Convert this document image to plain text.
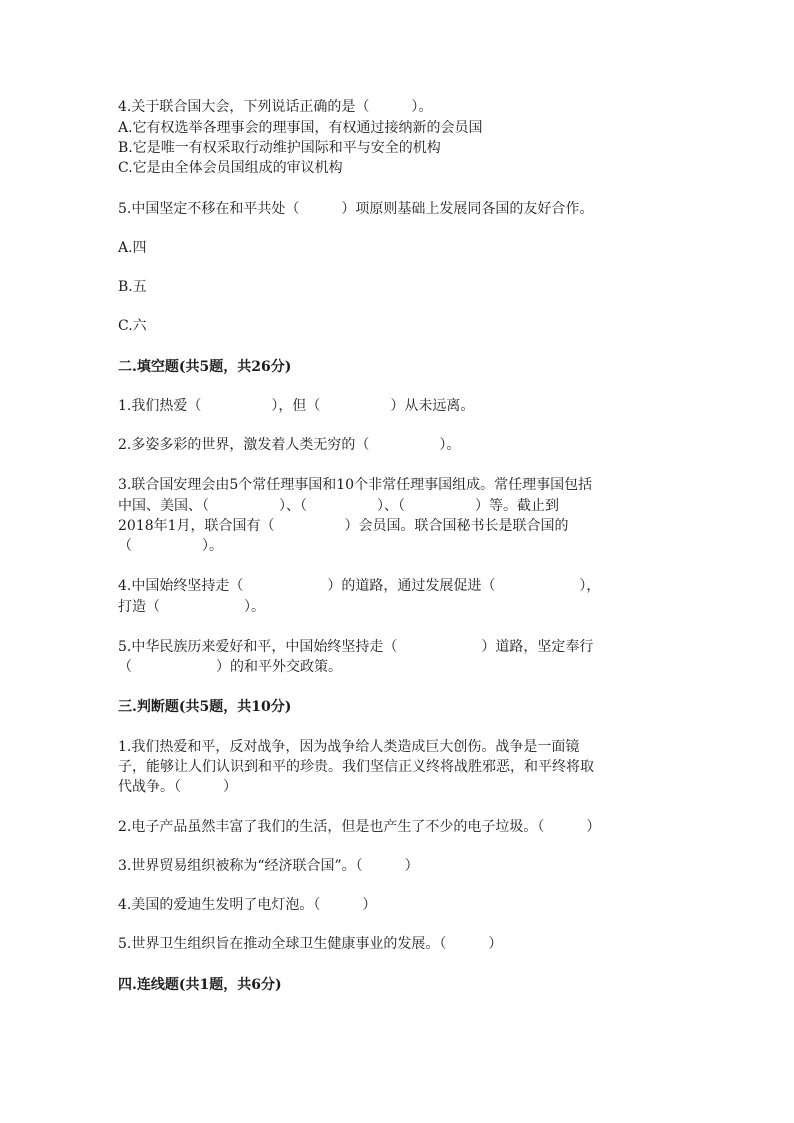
4.关于联合国大会，下列说话正确的是（　　　）。
A.它有权选举各理事会的理事国，有权通过接纳新的会员国
B.它是唯一有权采取行动维护国际和平与安全的机构
C.它是由全体会员国组成的审议机构
5.中国坚定不移在和平共处（　　　）项原则基础上发展同各国的友好合作。
A.四
B.五
C.六
二.填空题(共5题，共26分)
1.我们热爱（　　　　　），但（　　　　　）从未远离。
2.多姿多彩的世界，激发着人类无穷的（　　　　　）。
3.联合国安理会由5个常任理事国和10个非常任理事国组成。常任理事国包括
中国、美国、（　　　　　）、（　　　　　）、（　　　　　）等。截止到
2018年1月，联合国有（　　　　　）会员国。联合国秘书长是联合国的
（　　　　　）。
4.中国始终坚持走（　　　　　　）的道路，通过发展促进（　　　　　　），
打造（　　　　　　）。
5.中华民族历来爱好和平，中国始终坚持走（　　　　　　）道路，坚定奉行
（　　　　　　）的和平外交政策。
三.判断题(共5题，共10分)
1.我们热爱和平，反对战争，因为战争给人类造成巨大创伤。战争是一面镜
子，能够让人们认识到和平的珍贵。我们坚信正义终将战胜邪恶，和平终将取
代战争。（　　　）
2.电子产品虽然丰富了我们的生活，但是也产生了不少的电子垃圾。（　　　）
3.世界贸易组织被称为“经济联合国”。（　　　）
4.美国的爱迪生发明了电灯泡。（　　　）
5.世界卫生组织旨在推动全球卫生健康事业的发展。（　　　）
四.连线题(共1题，共6分)
